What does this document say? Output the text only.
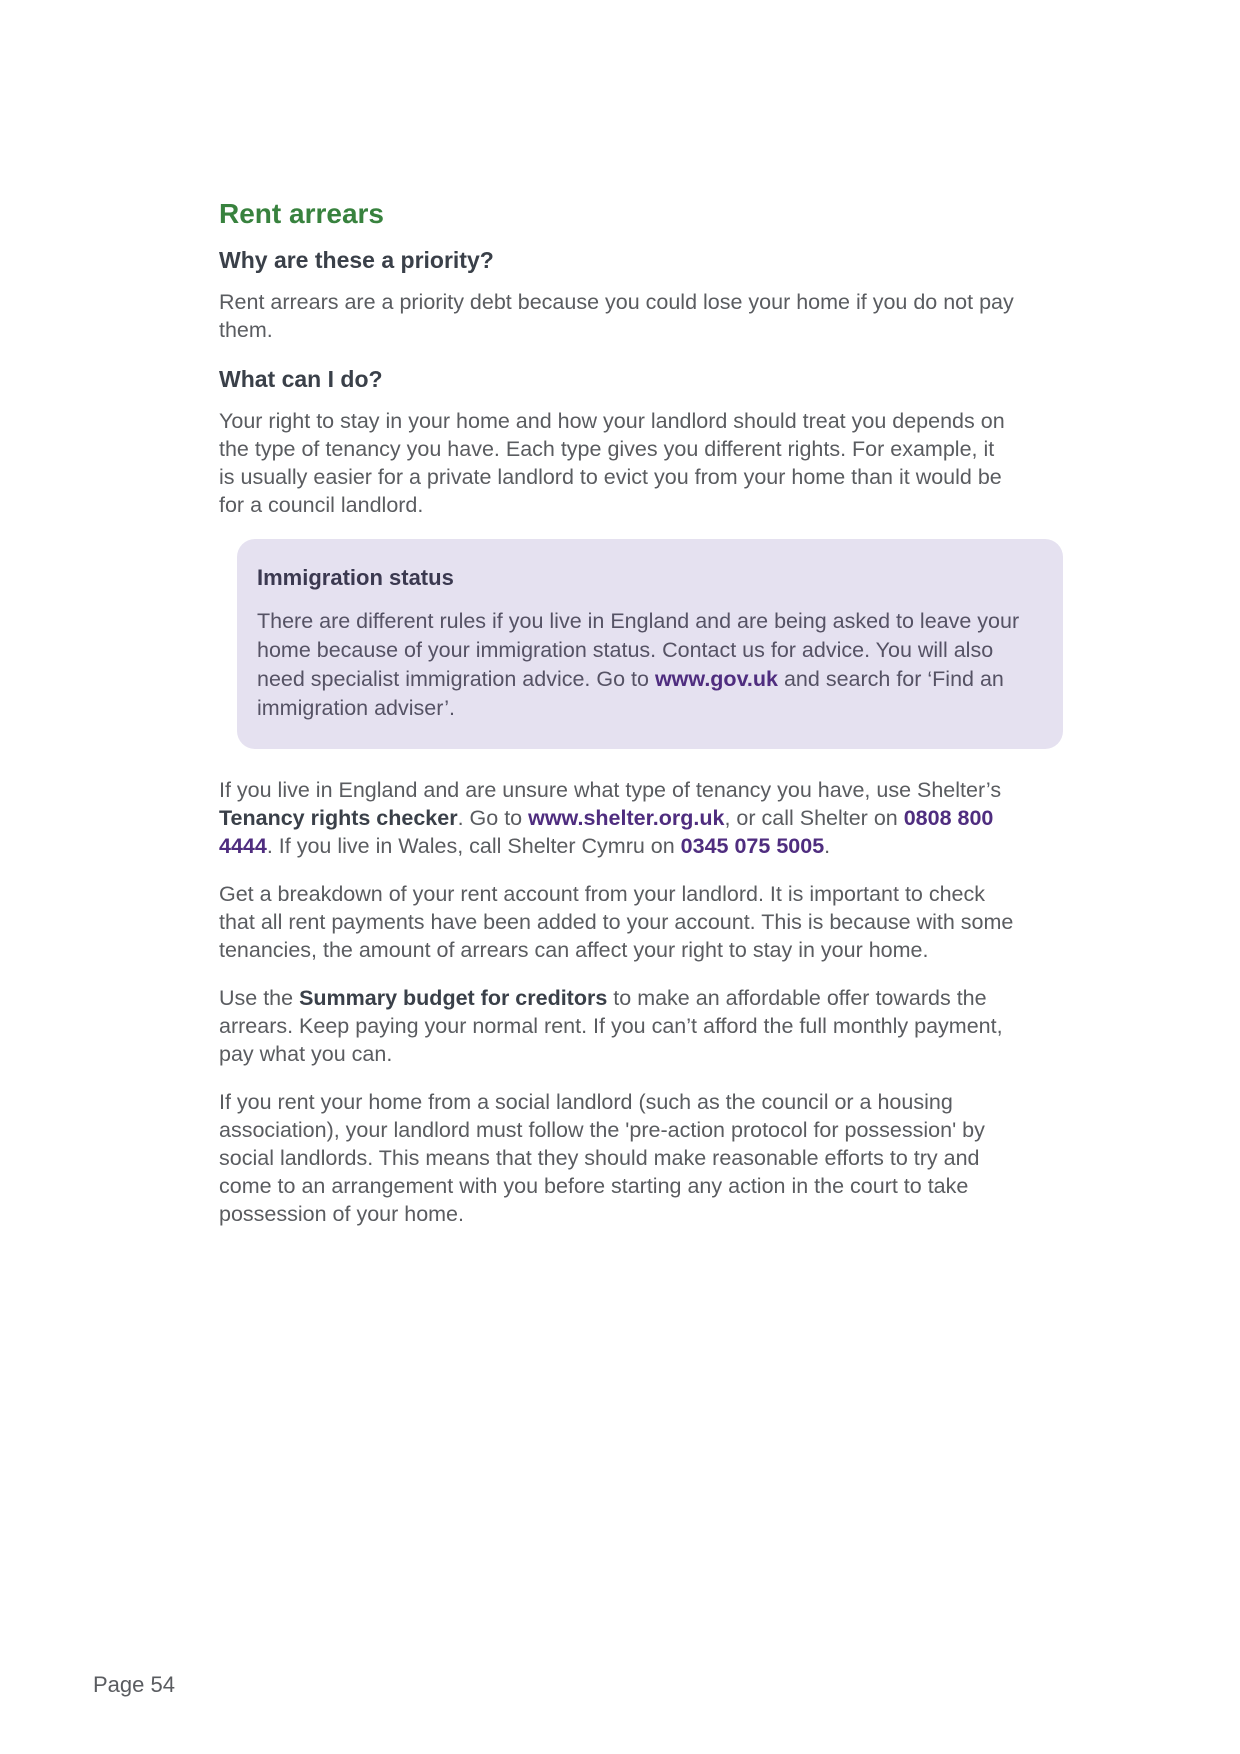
Rent arrears
Why are these a priority?

Rent arrears are a priority debt because you could lose your home if you do not pay them.

What can I do?

Your right to stay in your home and how your landlord should treat you depends on the type of tenancy you have. Each type gives you different rights. For example, it is usually easier for a private landlord to evict you from your home than it would be for a council landlord.

Immigration status

There are different rules if you live in England and are being asked to leave your home because of your immigration status. Contact us for advice. You will also need specialist immigration advice. Go to www.gov.uk and search for ‘Find an immigration adviser’.

If you live in England and are unsure what type of tenancy you have, use Shelter’s Tenancy rights checker. Go to www.shelter.org.uk, or call Shelter on 0808 800 4444. If you live in Wales, call Shelter Cymru on 0345 075 5005.

Get a breakdown of your rent account from your landlord. It is important to check that all rent payments have been added to your account. This is because with some tenancies, the amount of arrears can affect your right to stay in your home.

Use the Summary budget for creditors to make an affordable offer towards the arrears. Keep paying your normal rent. If you can’t afford the full monthly payment, pay what you can.

If you rent your home from a social landlord (such as the council or a housing association), your landlord must follow the 'pre-action protocol for possession' by social landlords. This means that they should make reasonable efforts to try and come to an arrangement with you before starting any action in the court to take possession of your home.

Page 54
